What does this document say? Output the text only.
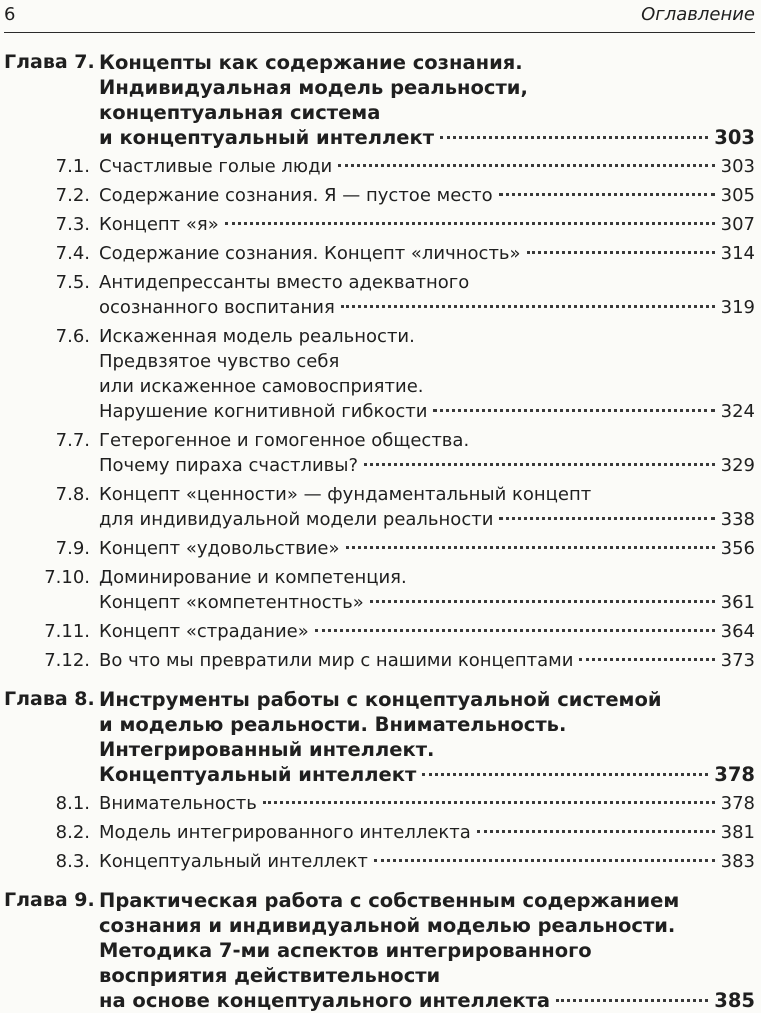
6	Оглавление
Глава 7. Концепты как содержание сознания.
Индивидуальная модель реальности,
концептуальная система
и концептуальный интеллект	303
7.1. Счастливые голые люди	303
7.2. Содержание сознания. Я — пустое место	305
7.3. Концепт «я»	307
7.4. Содержание сознания. Концепт «личность»	314
7.5. Антидепрессанты вместо адекватного
осознанного воспитания	319
7.6. Искаженная модель реальности.
Предвзятое чувство себя
или искаженное самовосприятие.
Нарушение когнитивной гибкости	324
7.7. Гетерогенное и гомогенное общества.
Почему пираха счастливы?	329
7.8. Концепт «ценности» — фундаментальный концепт
для индивидуальной модели реальности	338
7.9. Концепт «удовольствие»	356
7.10. Доминирование и компетенция.
Концепт «компетентность»	361
7.11. Концепт «страдание»	364
7.12. Во что мы превратили мир с нашими концептами	373
Глава 8. Инструменты работы с концептуальной системой
и моделью реальности. Внимательность.
Интегрированный интеллект.
Концептуальный интеллект	378
8.1. Внимательность	378
8.2. Модель интегрированного интеллекта	381
8.3. Концептуальный интеллект	383
Глава 9. Практическая работа с собственным содержанием
сознания и индивидуальной моделью реальности.
Методика 7-ми аспектов интегрированного
восприятия действительности
на основе концептуального интеллекта	385
